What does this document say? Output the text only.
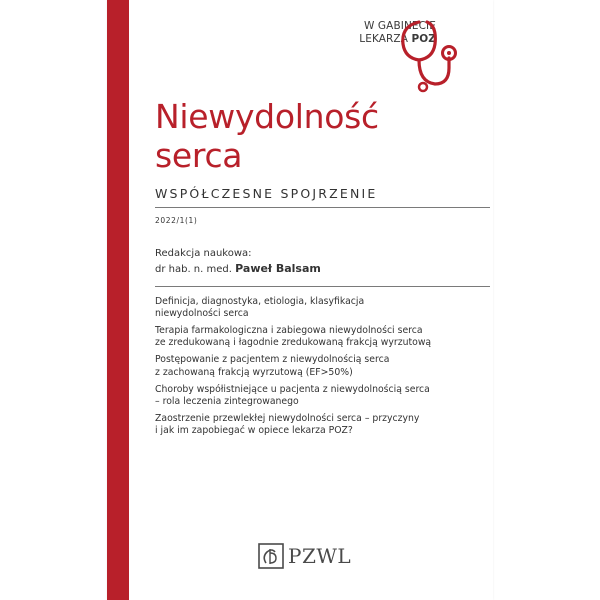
W GABINECIE
LEKARZA POZ
Niewydolność
serca
WSPÓŁCZESNE SPOJRZENIE
2022/1(1)
Redakcja naukowa:
dr hab. n. med. Paweł Balsam
Definicja, diagnostyka, etiologia, klasyfikacja
niewydolności serca
Terapia farmakologiczna i zabiegowa niewydolności serca
ze zredukowaną i łagodnie zredukowaną frakcją wyrzutową
Postępowanie z pacjentem z niewydolnością serca
z zachowaną frakcją wyrzutową (EF>50%)
Choroby współistniejące u pacjenta z niewydolnością serca
– rola leczenia zintegrowanego
Zaostrzenie przewlekłej niewydolności serca – przyczyny
i jak im zapobiegać w opiece lekarza POZ?
PZWL
